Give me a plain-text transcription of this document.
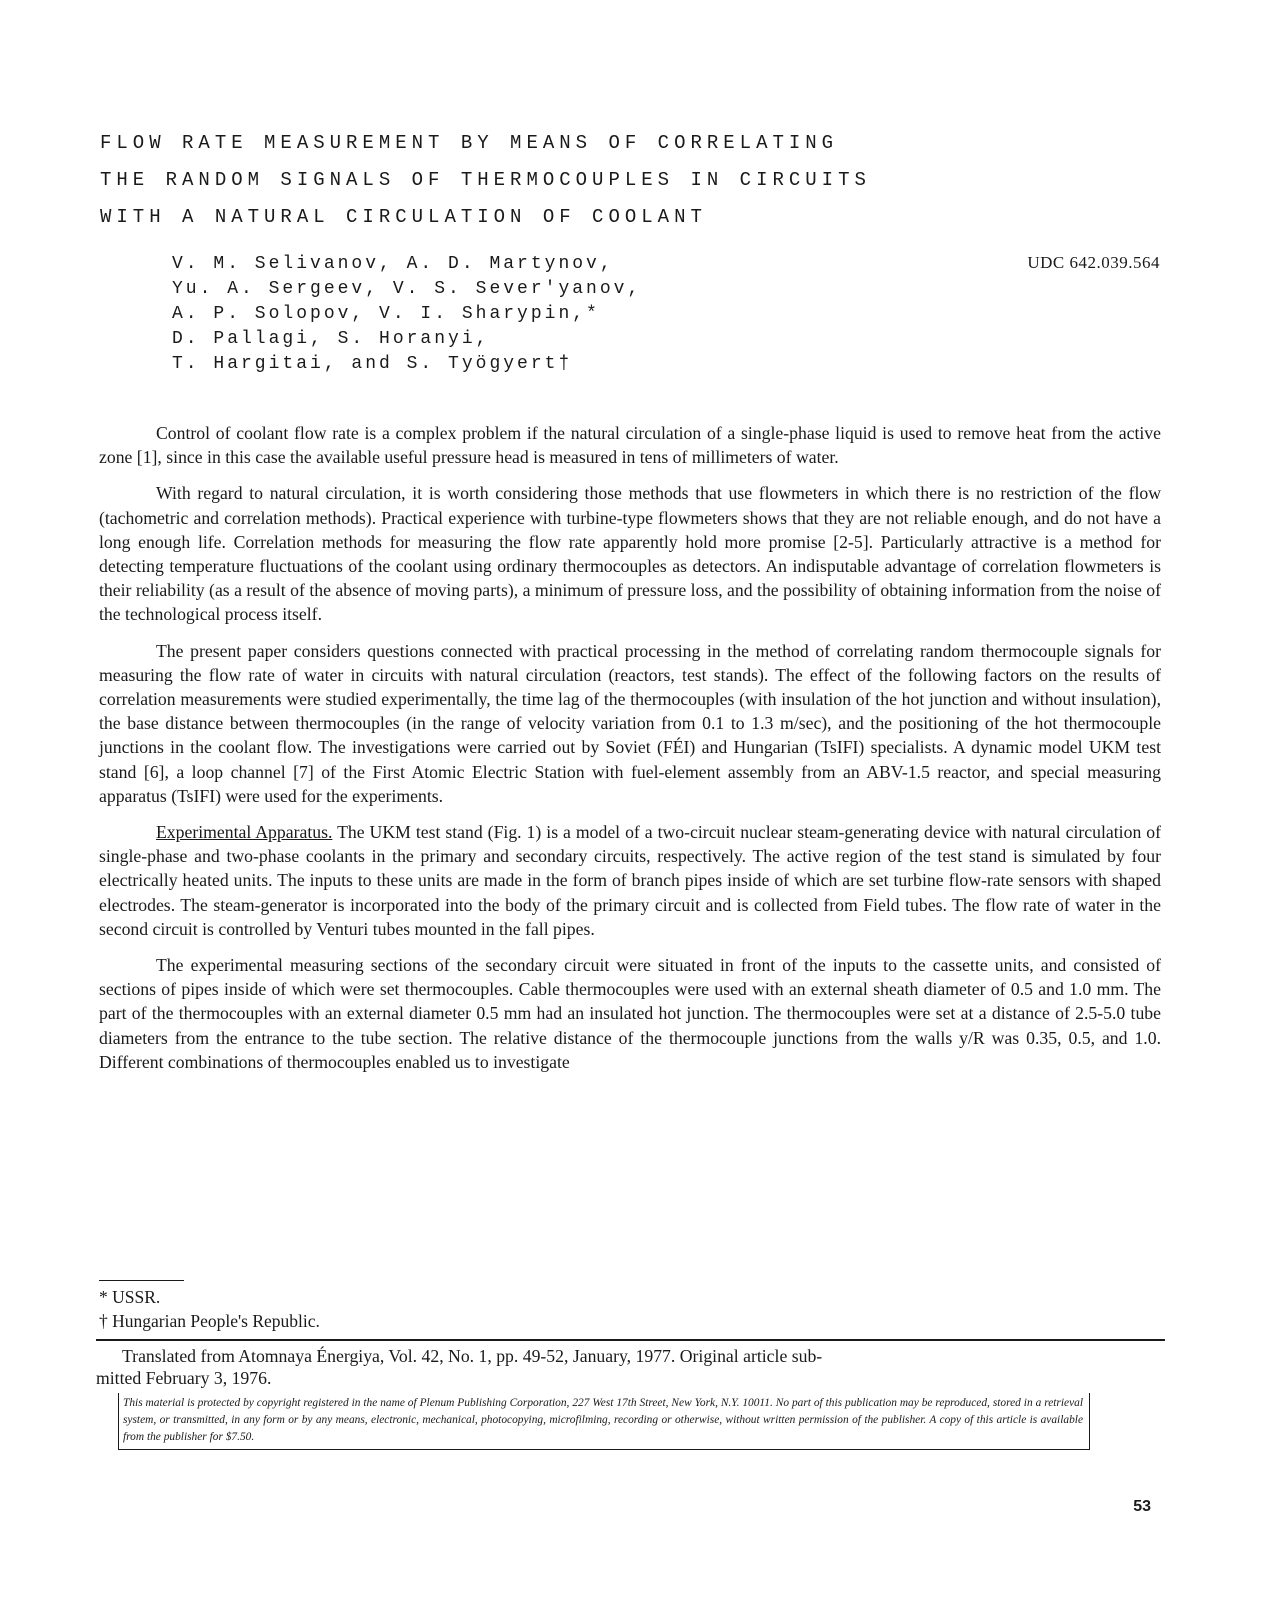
FLOW RATE MEASUREMENT BY MEANS OF CORRELATING
THE RANDOM SIGNALS OF THERMOCOUPLES IN CIRCUITS
WITH A NATURAL CIRCULATION OF COOLANT
V. M. Selivanov, A. D. Martynov,
Yu. A. Sergeev, V. S. Sever'yanov,
A. P. Solopov, V. I. Sharypin,*
D. Pallagi, S. Horanyi,
T. Hargitai, and S. Työgyert†
UDC 642.039.564

Control of coolant flow rate is a complex problem if the natural circulation of a single-phase liquid is used to remove heat from the active zone [1], since in this case the available useful pressure head is measured in tens of millimeters of water.

With regard to natural circulation, it is worth considering those methods that use flowmeters in which there is no restriction of the flow (tachometric and correlation methods). Practical experience with turbine-type flowmeters shows that they are not reliable enough, and do not have a long enough life. Correlation methods for measuring the flow rate apparently hold more promise [2-5]. Particularly attractive is a method for detecting temperature fluctuations of the coolant using ordinary thermocouples as detectors. An indisputable advantage of correlation flowmeters is their reliability (as a result of the absence of moving parts), a minimum of pressure loss, and the possibility of obtaining information from the noise of the technological process itself.

The present paper considers questions connected with practical processing in the method of correlating random thermocouple signals for measuring the flow rate of water in circuits with natural circulation (reactors, test stands). The effect of the following factors on the results of correlation measurements were studied experimentally, the time lag of the thermocouples (with insulation of the hot junction and without insulation), the base distance between thermocouples (in the range of velocity variation from 0.1 to 1.3 m/sec), and the positioning of the hot thermocouple junctions in the coolant flow. The investigations were carried out by Soviet (FÉI) and Hungarian (TsIFI) specialists. A dynamic model UKM test stand [6], a loop channel [7] of the First Atomic Electric Station with fuel-element assembly from an ABV-1.5 reactor, and special measuring apparatus (TsIFI) were used for the experiments.

Experimental Apparatus. The UKM test stand (Fig. 1) is a model of a two-circuit nuclear steam-generating device with natural circulation of single-phase and two-phase coolants in the primary and secondary circuits, respectively. The active region of the test stand is simulated by four electrically heated units. The inputs to these units are made in the form of branch pipes inside of which are set turbine flow-rate sensors with shaped electrodes. The steam-generator is incorporated into the body of the primary circuit and is collected from Field tubes. The flow rate of water in the second circuit is controlled by Venturi tubes mounted in the fall pipes.

The experimental measuring sections of the secondary circuit were situated in front of the inputs to the cassette units, and consisted of sections of pipes inside of which were set thermocouples. Cable thermocouples were used with an external sheath diameter of 0.5 and 1.0 mm. The part of the thermocouples with an external diameter 0.5 mm had an insulated hot junction. The thermocouples were set at a distance of 2.5-5.0 tube diameters from the entrance to the tube section. The relative distance of the thermocouple junctions from the walls y/R was 0.35, 0.5, and 1.0. Different combinations of thermocouples enabled us to investigate

* USSR.
† Hungarian People's Republic.
Translated from Atomnaya Énergiya, Vol. 42, No. 1, pp. 49-52, January, 1977. Original article sub-
mitted February 3, 1976.
This material is protected by copyright registered in the name of Plenum Publishing Corporation, 227 West 17th Street, New York, N.Y. 10011. No part of this publication may be reproduced, stored in a retrieval system, or transmitted, in any form or by any means, electronic, mechanical, photocopying, microfilming, recording or otherwise, without written permission of the publisher. A copy of this article is available from the publisher for $7.50.
53
